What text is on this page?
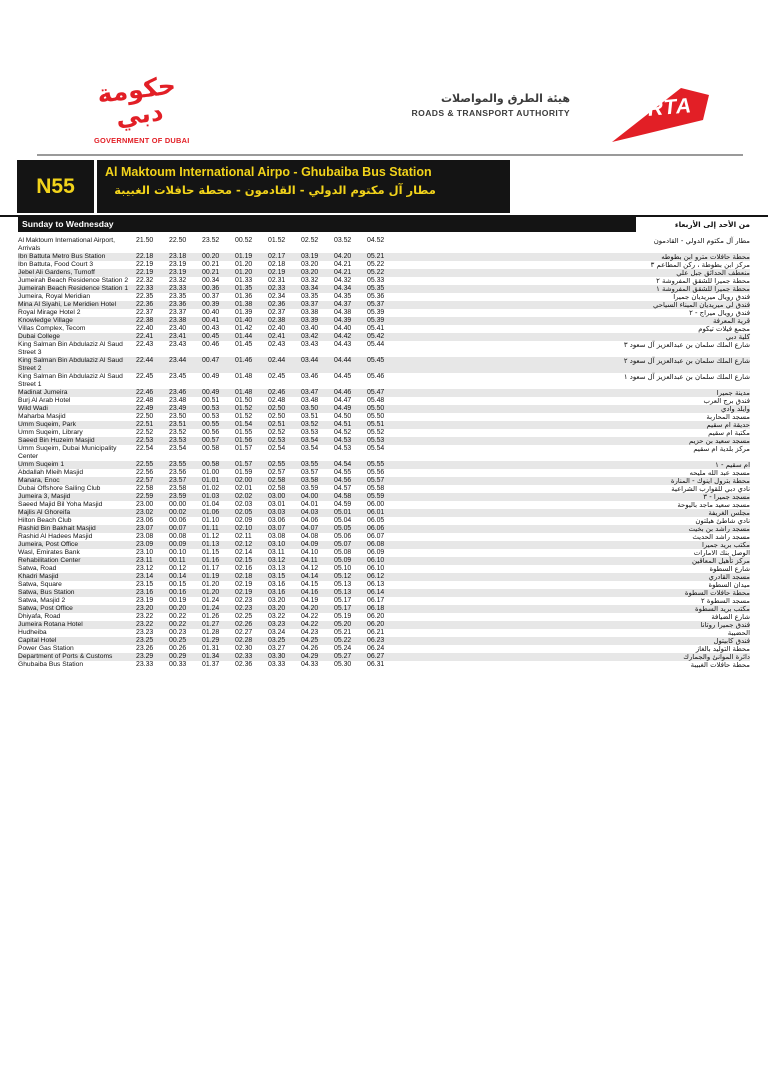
حكومة دبي
GOVERNMENT OF DUBAI
هيئة الطرق والمواصلات
ROADS & TRANSPORT AUTHORITY	RTA
N55
Al Maktoum International Airpo - Ghubaiba Bus Station
مطار آل مكتوم الدولي - القادمون - محطة حافلات الغبيبة
Sunday to Wednesday	من الأحد إلى الأربعاء
Al Maktoum International Airport, Arrivals
21.50	22.50	23.52	00.52	01.52	02.52	03.52	04.52	مطار آل مكتوم الدولي - القادمون
Ibn Battuta Metro Bus Station	22.18	23.18	00.20	01.19	02.17	03.19	04.20	05.21	محطة حافلات مترو ابن بطوطه
Ibn Battuta, Food Court 3	22.19	23.19	00.21	01.20	02.18	03.20	04.21	05.22	مركز ابن بطوطة ، ركن المطاعم ٣
Jebel Ali Gardens, Turnoff	22.19	23.19	00.21	01.20	02.19	03.20	04.21	05.22	منعطف الحدائق جبل علي
Jumeirah Beach Residence Station 2	22.32	23.32	00.34	01.33	02.31	03.32	04.32	05.33	محطة جميرا للشقق المفروشة ٢
Jumeirah Beach Residence Station 1	22.33	23.33	00.36	01.35	02.33	03.34	04.34	05.35	محطة جميرا للشقق المفروشة ١
Jumeira, Royal Meridian	22.35	23.35	00.37	01.36	02.34	03.35	04.35	05.36	فندق رويال ميريديان جميرا
Mina Al Siyahi, Le Meridien Hotel	22.36	23.36	00.39	01.38	02.36	03.37	04.37	05.37	فندق لي ميريديان الميناء السياحي
Royal Mirage Hotel 2	22.37	23.37	00.40	01.39	02.37	03.38	04.38	05.39	فندق رويال ميراج - ٢
Knowledge Village	22.38	23.38	00.41	01.40	02.38	03.39	04.39	05.39	قرية المعرفة
Villas Complex, Tecom	22.40	23.40	00.43	01.42	02.40	03.40	04.40	05.41	مجمع فيلات تيكوم
Dubai College	22.41	23.41	00.45	01.44	02.41	03.42	04.42	05.42	كلية دبي
King Salman Bin Abdulaziz Al Saud Street 3
22.43	23.43	00.46	01.45	02.43	03.43	04.43	05.44	شارع الملك سلمان بن عبدالعزيز آل سعود ٣
King Salman Bin Abdulaziz Al Saud Street 2
22.44	23.44	00.47	01.46	02.44	03.44	04.44	05.45	شارع الملك سلمان بن عبدالعزيز آل سعود ٢
King Salman Bin Abdulaziz Al Saud Street 1
22.45	23.45	00.49	01.48	02.45	03.46	04.45	05.46	شارع الملك سلمان بن عبدالعزيز آل سعود ١
Madinat Jumeira	22.46	23.46	00.49	01.48	02.46	03.47	04.46	05.47	مدينة جميرا
Burj Al Arab Hotel	22.48	23.48	00.51	01.50	02.48	03.48	04.47	05.48	فندق برج العرب
Wild Wadi	22.49	23.49	00.53	01.52	02.50	03.50	04.49	05.50	وايلد وادي
Maharba Masjid	22.50	23.50	00.53	01.52	02.50	03.51	04.50	05.50	مسجد المحاربة
Umm Suqeim, Park	22.51	23.51	00.55	01.54	02.51	03.52	04.51	05.51	حديقة ام سقيم
Umm Suqeim, Library	22.52	23.52	00.56	01.55	02.52	03.53	04.52	05.52	مكتبة ام سقيم
Saeed Bin Huzeim Masjid	22.53	23.53	00.57	01.56	02.53	03.54	04.53	05.53	مسجد سعيد بن حزيم
Umm Suqeim, Dubai Municipality Center
22.54	23.54	00.58	01.57	02.54	03.54	04.53	05.54	مركز بلدية ام سقيم
Umm Suqeim 1	22.55	23.55	00.58	01.57	02.55	03.55	04.54	05.55	ام سقيم - ١
Abdallah Mleih Masjid	22.56	23.56	01.00	01.59	02.57	03.57	04.55	05.56	مسجد عبد الله مليحه
Manara, Enoc	22.57	23.57	01.01	02.00	02.58	03.58	04.56	05.57	محطة بترول اينوك - المنارة
Dubai Offshore Sailing Club	22.58	23.58	01.02	02.01	02.58	03.59	04.57	05.58	نادي دبي للقوارب الشراعية
Jumeira 3, Masjid	22.59	23.59	01.03	02.02	03.00	04.00	04.58	05.59	مسجد جميرا - ٣
Saeed Majid Bil Yoha Masjid	23.00	00.00	01.04	02.03	03.01	04.01	04.59	06.00	مسجد سعيد ماجد باليوحة
Majlis Al Ghoreifa	23.02	00.02	01.06	02.05	03.03	04.03	05.01	06.01	مجلس الغريفة
Hilton Beach Club	23.06	00.06	01.10	02.09	03.06	04.06	05.04	06.05	نادي شاطئ هيلتون
Rashid Bin Bakhait Masjid	23.07	00.07	01.11	02.10	03.07	04.07	05.05	06.06	مسجد راشد بن بخيت
Rashid Al Hadees Masjid	23.08	00.08	01.12	02.11	03.08	04.08	05.06	06.07	مسجد راشد الحديث
Jumeira, Post Office	23.09	00.09	01.13	02.12	03.10	04.09	05.07	06.08	مكتب بريد جميرا
Wasl, Emirates Bank	23.10	00.10	01.15	02.14	03.11	04.10	05.08	06.09	الوصل بنك الامارات
Rehabilitation Center	23.11	00.11	01.16	02.15	03.12	04.11	05.09	06.10	مركز تأهيل المعاقين
Satwa, Road	23.12	00.12	01.17	02.16	03.13	04.12	05.10	06.10	شارع السطوة
Khadri Masjid	23.14	00.14	01.19	02.18	03.15	04.14	05.12	06.12	مسجد القادري
Satwa, Square	23.15	00.15	01.20	02.19	03.16	04.15	05.13	06.13	ميدان السطوة
Satwa, Bus Station	23.16	00.16	01.20	02.19	03.16	04.16	05.13	06.14	محطة حافلات السطوة
Satwa, Masjid 2	23.19	00.19	01.24	02.23	03.20	04.19	05.17	06.17	مسجد السطوة ٢
Satwa, Post Office	23.20	00.20	01.24	02.23	03.20	04.20	05.17	06.18	مكتب بريد السطوة
Dhiyafa, Road	23.22	00.22	01.26	02.25	03.22	04.22	05.19	06.20	شارع الضيافة
Jumeira Rotana Hotel	23.22	00.22	01.27	02.26	03.23	04.22	05.20	06.20	فندق جميرا روتانا
Hudheiba	23.23	00.23	01.28	02.27	03.24	04.23	05.21	06.21	الحضيبة
Capital Hotel	23.25	00.25	01.29	02.28	03.25	04.25	05.22	06.23	فندق كابيتول
Power Gas Station	23.26	00.26	01.31	02.30	03.27	04.26	05.24	06.24	محطة التوليد بالغاز
Department of Ports & Customs	23.29	00.29	01.34	02.33	03.30	04.29	05.27	06.27	دائرة الموانئ والجمارك
Ghubaiba Bus Station	23.33	00.33	01.37	02.36	03.33	04.33	05.30	06.31	محطة حافلات الغبيبة
